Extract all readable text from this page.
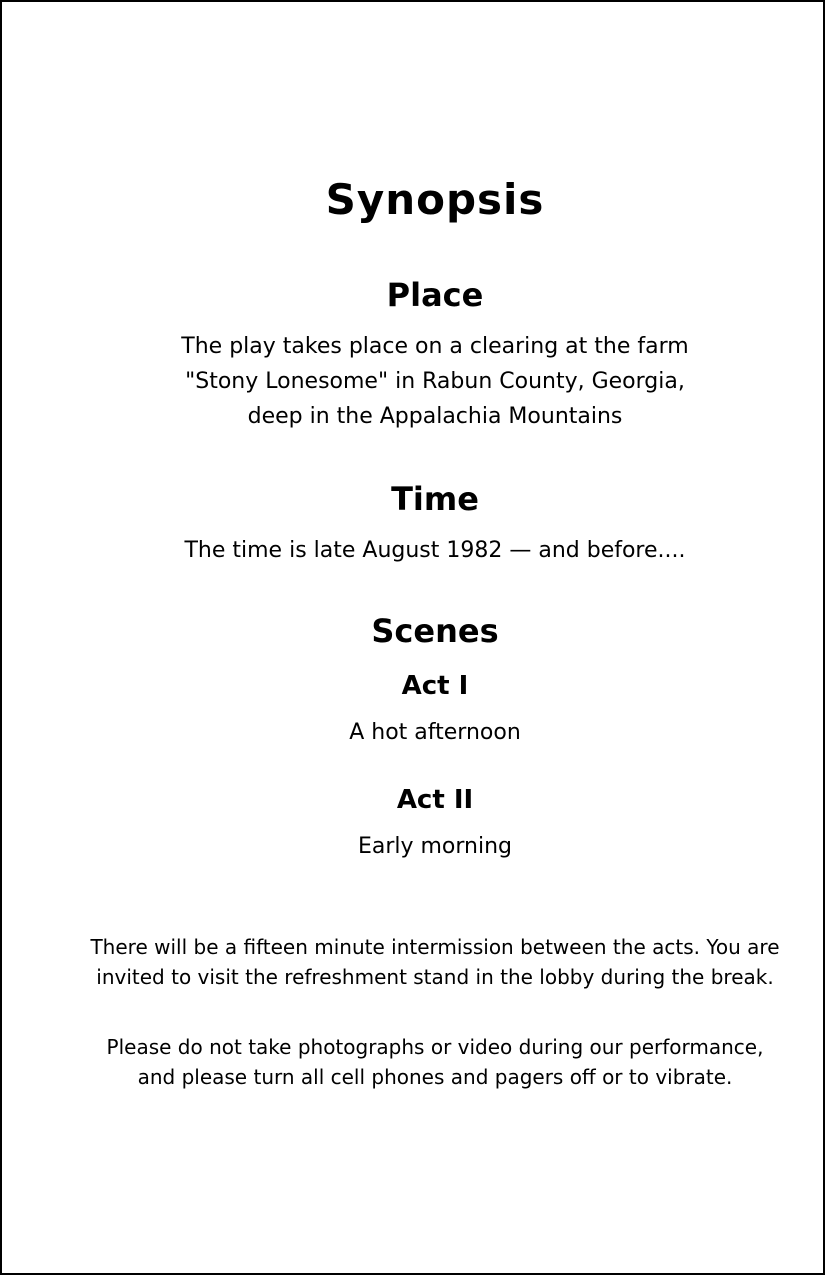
Synopsis
Place
The play takes place on a clearing at the farm
"Stony Lonesome" in Rabun County, Georgia,
deep in the Appalachia Mountains
Time
The time is late August 1982 — and before....
Scenes
Act I
A hot afternoon
Act II
Early morning
There will be a fifteen minute intermission between the acts. You are
invited to visit the refreshment stand in the lobby during the break.
Please do not take photographs or video during our performance,
and please turn all cell phones and pagers off or to vibrate.
